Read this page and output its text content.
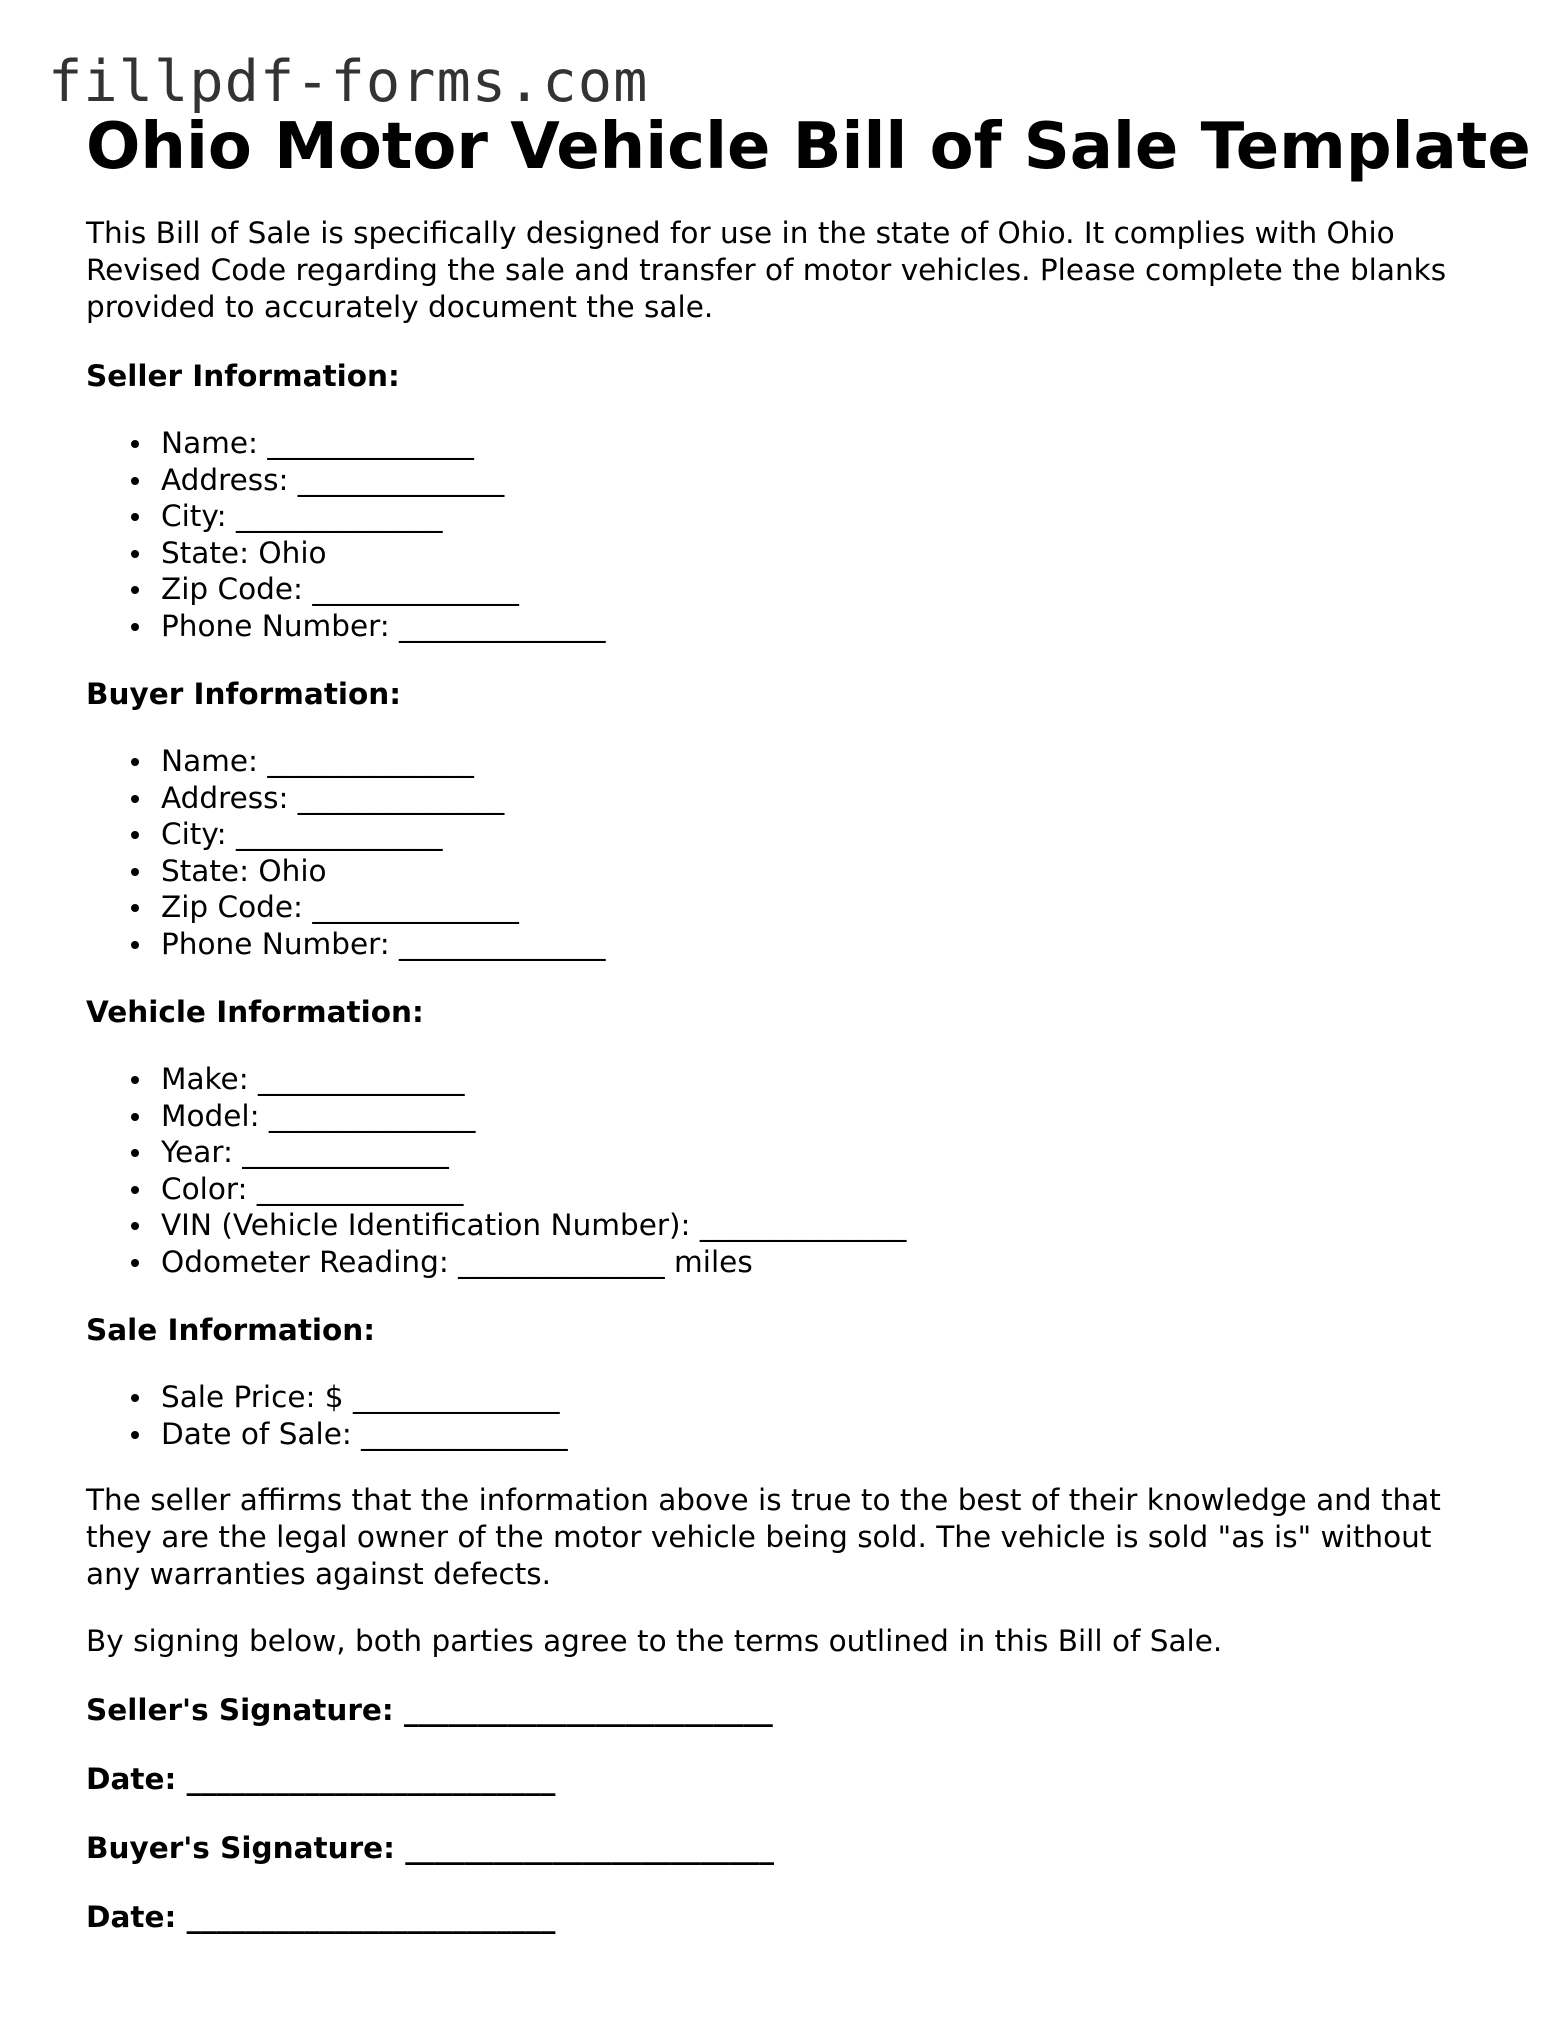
fillpdf-forms.com
Ohio Motor Vehicle Bill of Sale Template

This Bill of Sale is specifically designed for use in the state of Ohio. It complies with Ohio Revised Code regarding the sale and transfer of motor vehicles. Please complete the blanks provided to accurately document the sale.

Seller Information:
Name: ______________
Address: ______________
City: ______________
State: Ohio
Zip Code: ______________
Phone Number: ______________
Buyer Information:
Name: ______________
Address: ______________
City: ______________
State: Ohio
Zip Code: ______________
Phone Number: ______________
Vehicle Information:
Make: ______________
Model: ______________
Year: ______________
Color: ______________
VIN (Vehicle Identification Number): ______________
Odometer Reading: ______________ miles
Sale Information:
Sale Price: $ ______________
Date of Sale: ______________

The seller affirms that the information above is true to the best of their knowledge and that they are the legal owner of the motor vehicle being sold. The vehicle is sold "as is" without any warranties against defects.

By signing below, both parties agree to the terms outlined in this Bill of Sale.

Seller's Signature: _________________________
Date: _________________________
Buyer's Signature: _________________________
Date: _________________________
